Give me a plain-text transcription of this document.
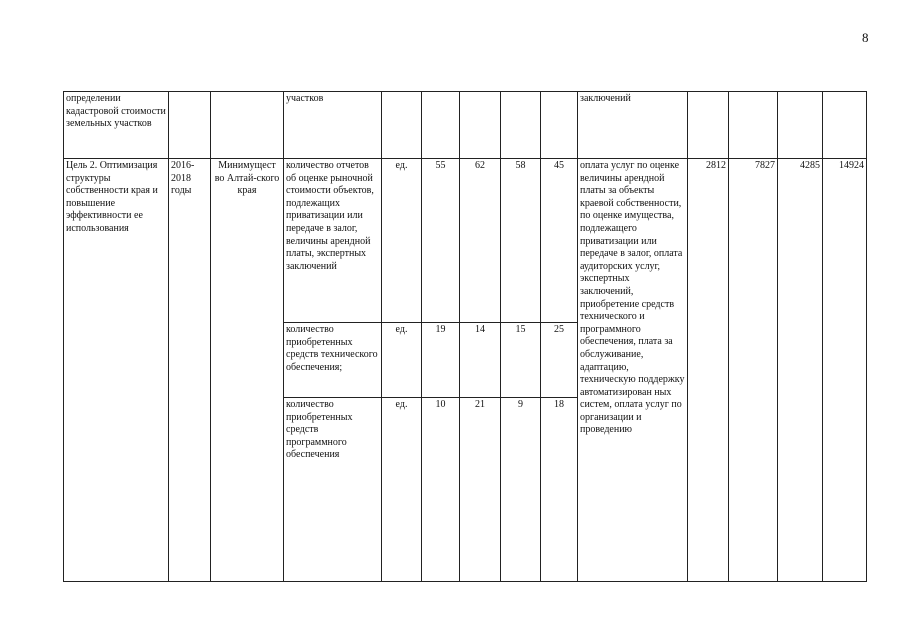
8
определении кадастровой стоимости земельных участков			участков						заключений				
Цель 2. Оптимизация структуры собственности края и повышение эффективности ее использования	2016-2018 годы	Минимущест во Алтай-ского края	количество отчетов об оценке рыночной стоимости объектов, подлежащих приватизации или передаче в залог, величины арендной платы, экспертных заключений	ед.	55	62	58	45	оплата услуг по оценке величины арендной платы за объекты краевой собственности, по оценке имущества, подлежащего приватизации или передаче в залог, оплата аудиторских услуг, экспертных заключений, приобретение средств технического и программного обеспечения, плата за обслуживание, адаптацию, техническую поддержку автоматизирован ных систем, оплата услуг по организации и проведению	2812	7827	4285	14924
			количество приобретенных средств технического обеспечения;	ед.	19	14	15	25					
			количество приобретенных средств программного обеспечения	ед.	10	21	9	18					
